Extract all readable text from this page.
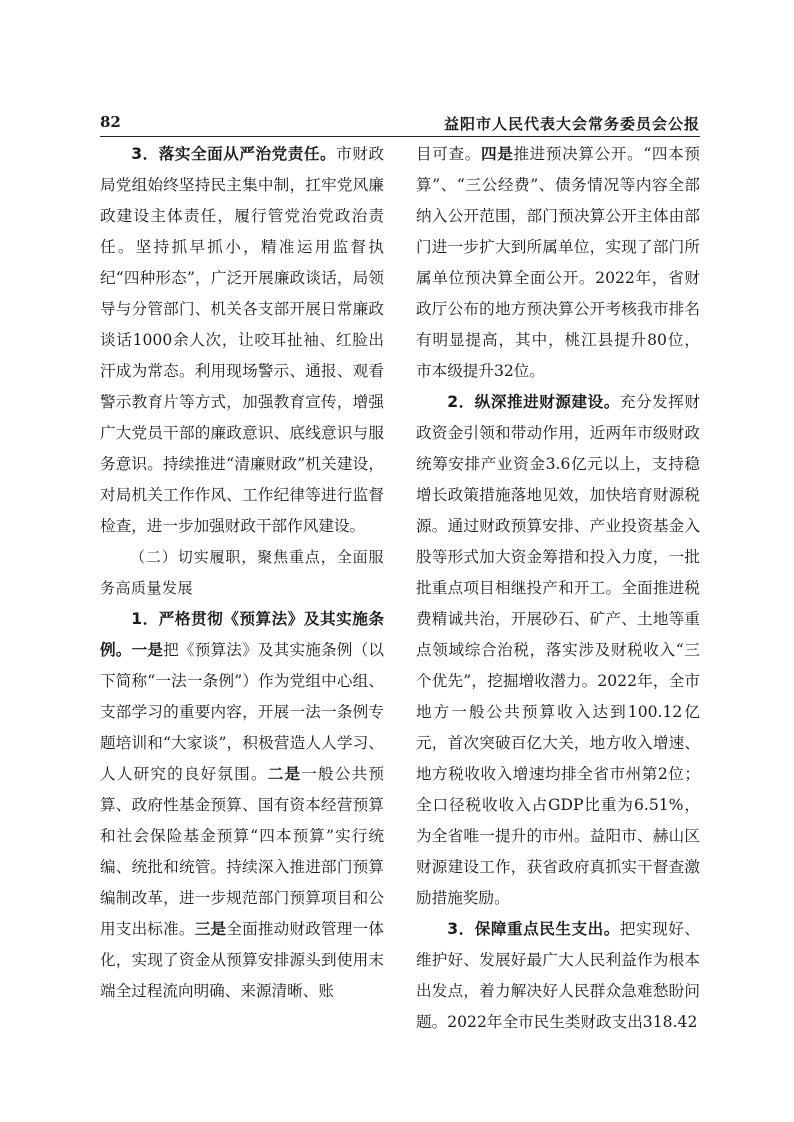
82	益阳市人民代表大会常务委员会公报

3．落实全面从严治党责任。市财政局党组始终坚持民主集中制，扛牢党风廉政建设主体责任，履行管党治党政治责任。坚持抓早抓小，精准运用监督执纪“四种形态”，广泛开展廉政谈话，局领导与分管部门、机关各支部开展日常廉政谈话1000余人次，让咬耳扯袖、红脸出汗成为常态。利用现场警示、通报、观看警示教育片等方式，加强教育宣传，增强广大党员干部的廉政意识、底线意识与服务意识。持续推进“清廉财政”机关建设，对局机关工作作风、工作纪律等进行监督检查，进一步加强财政干部作风建设。

（二）切实履职，聚焦重点，全面服务高质量发展

1．严格贯彻《预算法》及其实施条例。一是把《预算法》及其实施条例（以下简称“一法一条例”）作为党组中心组、支部学习的重要内容，开展一法一条例专题培训和“大家谈”，积极营造人人学习、人人研究的良好氛围。二是一般公共预算、政府性基金预算、国有资本经营预算和社会保险基金预算“四本预算”实行统编、统批和统管。持续深入推进部门预算编制改革，进一步规范部门预算项目和公用支出标准。三是全面推动财政管理一体化，实现了资金从预算安排源头到使用末端全过程流向明确、来源清晰、账

目可查。四是推进预决算公开。“四本预算”、“三公经费”、债务情况等内容全部纳入公开范围，部门预决算公开主体由部门进一步扩大到所属单位，实现了部门所属单位预决算全面公开。2022年，省财政厅公布的地方预决算公开考核我市排名有明显提高，其中，桃江县提升80位，市本级提升32位。

2．纵深推进财源建设。充分发挥财政资金引领和带动作用，近两年市级财政统筹安排产业资金3.6亿元以上，支持稳增长政策措施落地见效，加快培育财源税源。通过财政预算安排、产业投资基金入股等形式加大资金筹措和投入力度，一批批重点项目相继投产和开工。全面推进税费精诚共治，开展砂石、矿产、土地等重点领域综合治税，落实涉及财税收入“三个优先”，挖掘增收潜力。2022年，全市地方一般公共预算收入达到100.12亿元，首次突破百亿大关，地方收入增速、地方税收收入增速均排全省市州第2位；全口径税收收入占GDP比重为6.51%，为全省唯一提升的市州。益阳市、赫山区财源建设工作，获省政府真抓实干督查激励措施奖励。

3．保障重点民生支出。把实现好、维护好、发展好最广大人民利益作为根本出发点，着力解决好人民群众急难愁盼问题。2022年全市民生类财政支出318.42
